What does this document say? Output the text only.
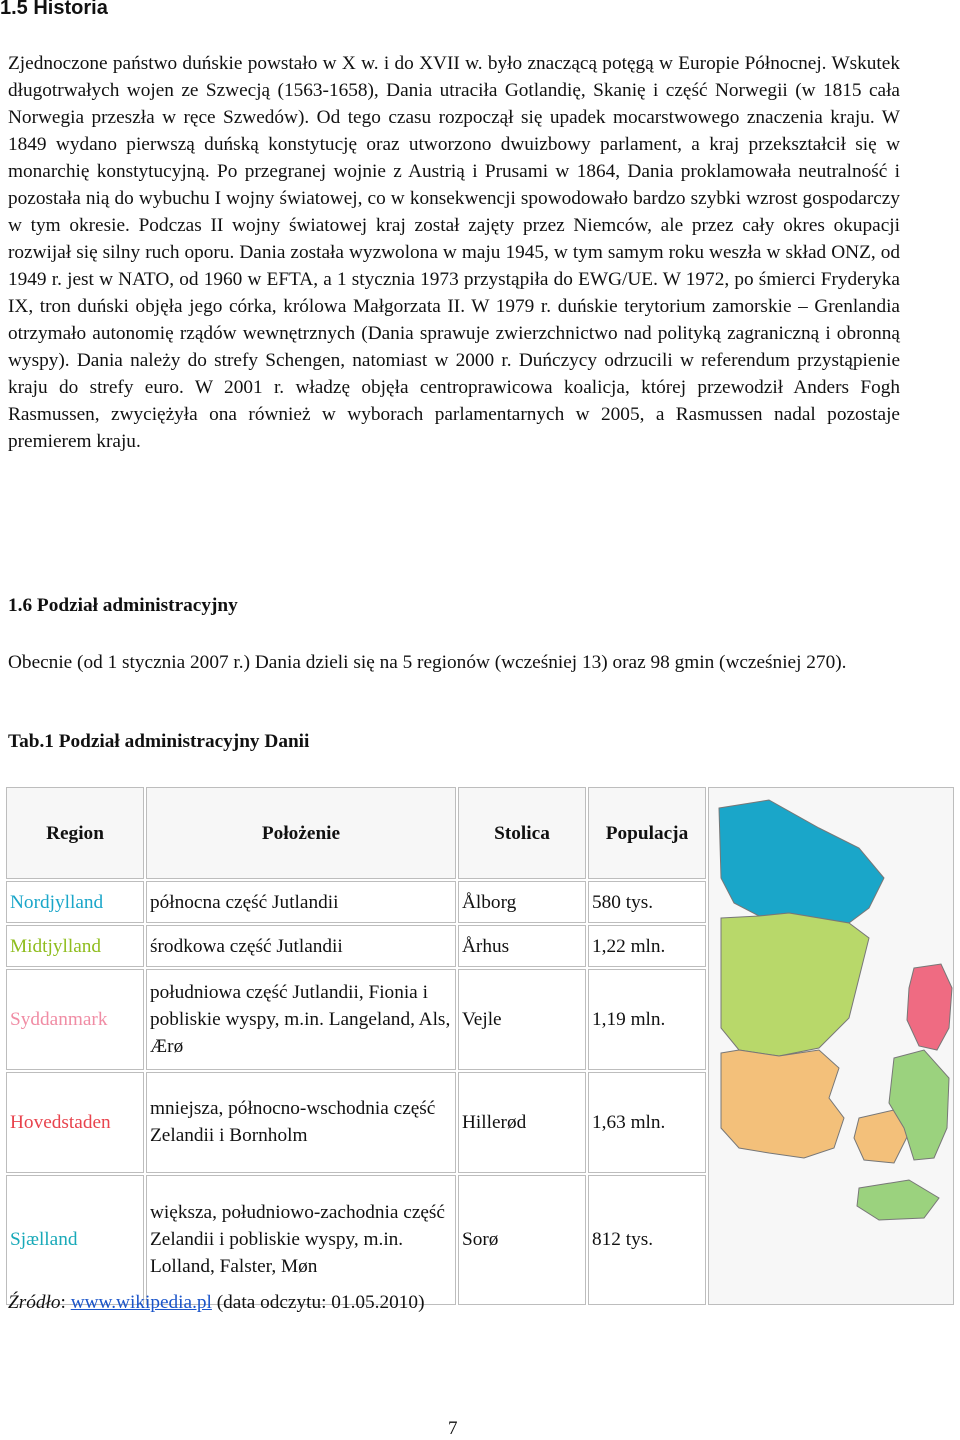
1.5 Historia

Zjednoczone państwo duńskie powstało w X w. i do XVII w. było znaczącą potęgą w Europie Północnej. Wskutek długotrwałych wojen ze Szwecją (1563-1658), Dania utraciła Gotlandię, Skanię i część Norwegii (w 1815 cała Norwegia przeszła w ręce Szwedów). Od tego czasu rozpoczął się upadek mocarstwowego znaczenia kraju. W 1849 wydano pierwszą duńską konstytucję oraz utworzono dwuizbowy parlament, a kraj przekształcił się w monarchię konstytucyjną. Po przegranej wojnie z Austrią i Prusami w 1864, Dania proklamowała neutralność i pozostała nią do wybuchu I wojny światowej, co w konsekwencji spowodowało bardzo szybki wzrost gospodarczy w tym okresie. Podczas II wojny światowej kraj został zajęty przez Niemców, ale przez cały okres okupacji rozwijał się silny ruch oporu. Dania została wyzwolona w maju 1945, w tym samym roku weszła w skład ONZ, od 1949 r. jest w NATO, od 1960 w EFTA, a 1 stycznia 1973 przystąpiła do EWG/UE. W 1972, po śmierci Fryderyka IX, tron duński objęła jego córka, królowa Małgorzata II. W 1979 r. duńskie terytorium zamorskie – Grenlandia otrzymało autonomię rządów wewnętrznych (Dania sprawuje zwierzchnictwo nad polityką zagraniczną i obronną wyspy). Dania należy do strefy Schengen, natomiast w 2000 r. Duńczycy odrzucili w referendum przystąpienie kraju do strefy euro. W 2001 r. władzę objęła centroprawicowa koalicja, której przewodził Anders Fogh Rasmussen, zwyciężyła ona również w wyborach parlamentarnych w 2005, a Rasmussen nadal pozostaje premierem kraju.

1.6 Podział administracyjny

Obecnie (od 1 stycznia 2007 r.) Dania dzieli się na 5 regionów (wcześniej 13) oraz 98 gmin (wcześniej 270).

Tab.1 Podział administracyjny Danii
Region	Położenie	Stolica	Populacja	
Nordjylland	północna część Jutlandii	Ålborg	580 tys.	
Midtjylland	środkowa część Jutlandii	Århus	1,22 mln.	
Syddanmark	południowa część Jutlandii, Fionia i pobliskie wyspy, m.in. Langeland, Als, Ærø	Vejle	1,19 mln.	
Hovedstaden	mniejsza, północno-wschodnia część Zelandii i Bornholm	Hillerød	1,63 mln.	
Sjælland	większa, południowo-zachodnia część Zelandii i pobliskie wyspy, m.in. Lolland, Falster, Møn	Sorø	812 tys.	
Źródło: www.wikipedia.pl (data odczytu: 01.05.2010)
7
